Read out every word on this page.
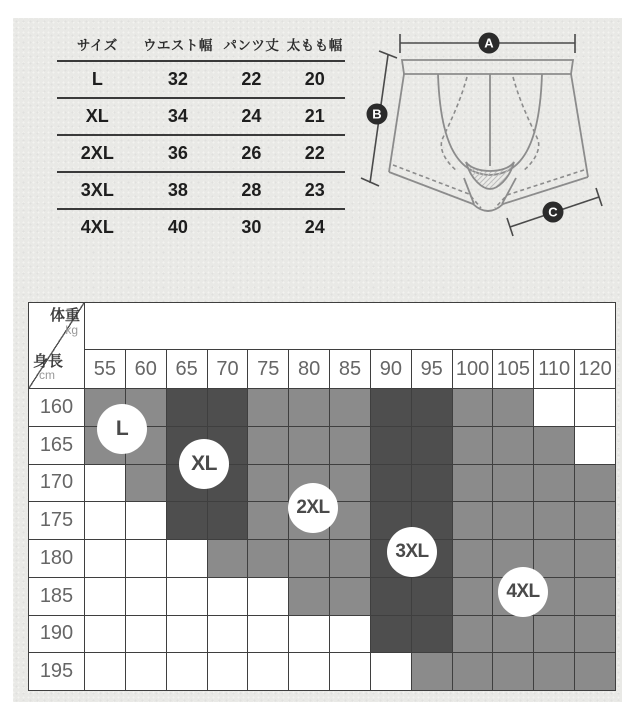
サイズ	ウエスト幅	パンツ丈	太もも幅
L	32	22	20
XL	34	24	21
2XL	36	26	22
3XL	38	28	23
4XL	40	30	24
A
B
C
体重
kg
身長
cm	55 60 65 70 75 80 85 90 95 100 105 110 120
160
165
170
175
180
185
190
195
L
XL
2XL
3XL
4XL
